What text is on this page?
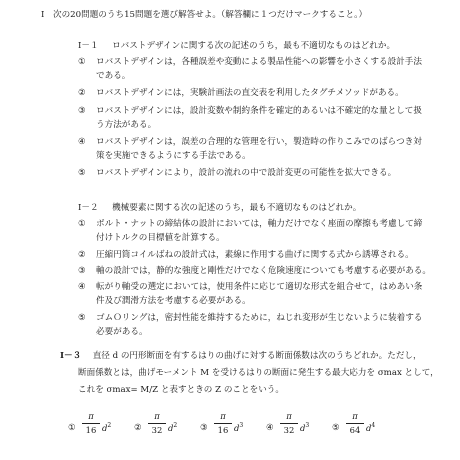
Ⅰ　次の20問題のうち15問題を選び解答せよ。（解答欄に１つだけマークすること。）
Ⅰ－１ ロバストデザインに関する次の記述のうち，最も不適切なものはどれか。
① ロバストデザインは，各種誤差や変動による製品性能への影響を小さくする設計手法
である。
② ロバストデザインには，実験計画法の直交表を利用したタグチメソッドがある。
③ ロバストデザインには，設計変数や制約条件を確定的あるいは不確定的な量として扱
う方法がある。
④ ロバストデザインは，誤差の合理的な管理を行い，製造時の作りこみでのばらつき対
策を実施できるようにする手法である。
⑤ ロバストデザインにより，設計の流れの中で設計変更の可能性を拡大できる。
Ⅰ－２ 機械要素に関する次の記述のうち，最も不適切なものはどれか。
① ボルト・ナットの締結体の設計においては，軸力だけでなく座面の摩擦も考慮して締
付けトルクの目標値を計算する。
② 圧縮円筒コイルばねの設計式は，素線に作用する曲げに関する式から誘導される。
③ 軸の設計では，静的な強度と剛性だけでなく危険速度についても考慮する必要がある。
④ 転がり軸受の選定においては，使用条件に応じて適切な形式を組合せて，はめあい条
件及び潤滑方法を考慮する必要がある。
⑤ ゴムＯリングは，密封性能を維持するために，ねじれ変形が生じないように装着する
必要がある。
Ⅰ－３ 直径 d の円形断面を有するはりの曲げに対する断面係数は次のうちどれか。ただし，
断面係数とは，曲げモーメント M を受けるはりの断面に発生する最大応力を σmax として，
これを σmax= M/Z と表すときの Z のことをいう。
①
π
16 $d^2$	②
π
32 $d^2$	③
π
16 $d^3$	④
π
32 $d^3$	⑤
π
64 $d^4$
